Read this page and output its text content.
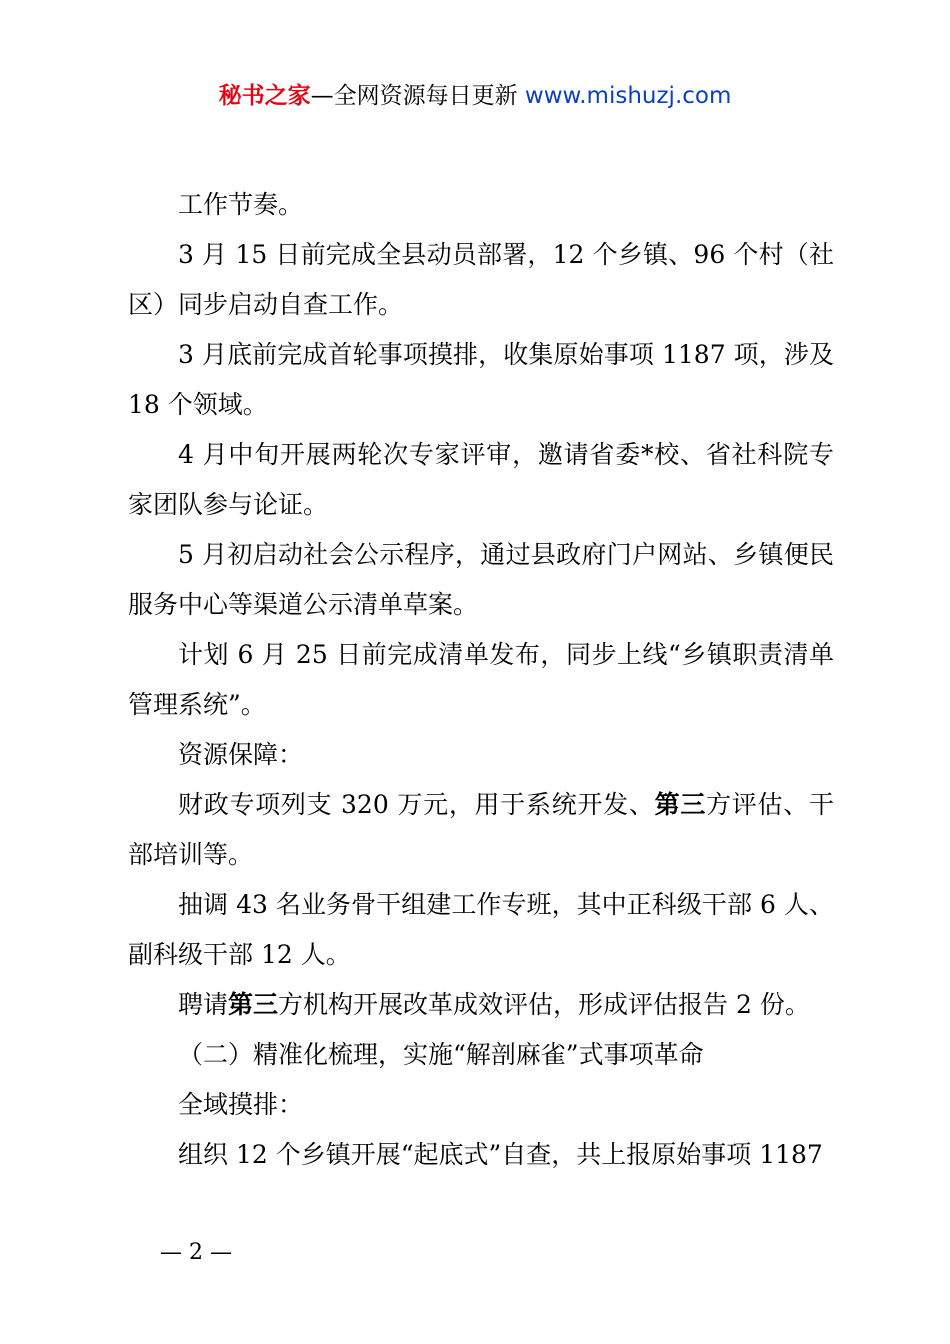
秘书之家—全网资源每日更新 www.mishuzj.com

工作节奏。

3 月 15 日前完成全县动员部署，12 个乡镇、96 个村（社区）同步启动自查工作。

3 月底前完成首轮事项摸排，收集原始事项 1187 项，涉及 18 个领域。

4 月中旬开展两轮次专家评审，邀请省委*校、省社科院专家团队参与论证。

5 月初启动社会公示程序，通过县政府门户网站、乡镇便民服务中心等渠道公示清单草案。

计划 6 月 25 日前完成清单发布，同步上线“乡镇职责清单管理系统”。

资源保障：

财政专项列支 320 万元，用于系统开发、第三方评估、干部培训等。

抽调 43 名业务骨干组建工作专班，其中正科级干部 6 人、副科级干部 12 人。

聘请第三方机构开展改革成效评估，形成评估报告 2 份。

（二）精准化梳理，实施“解剖麻雀”式事项革命

全域摸排：

组织 12 个乡镇开展“起底式”自查，共上报原始事项 1187

— 2 —
